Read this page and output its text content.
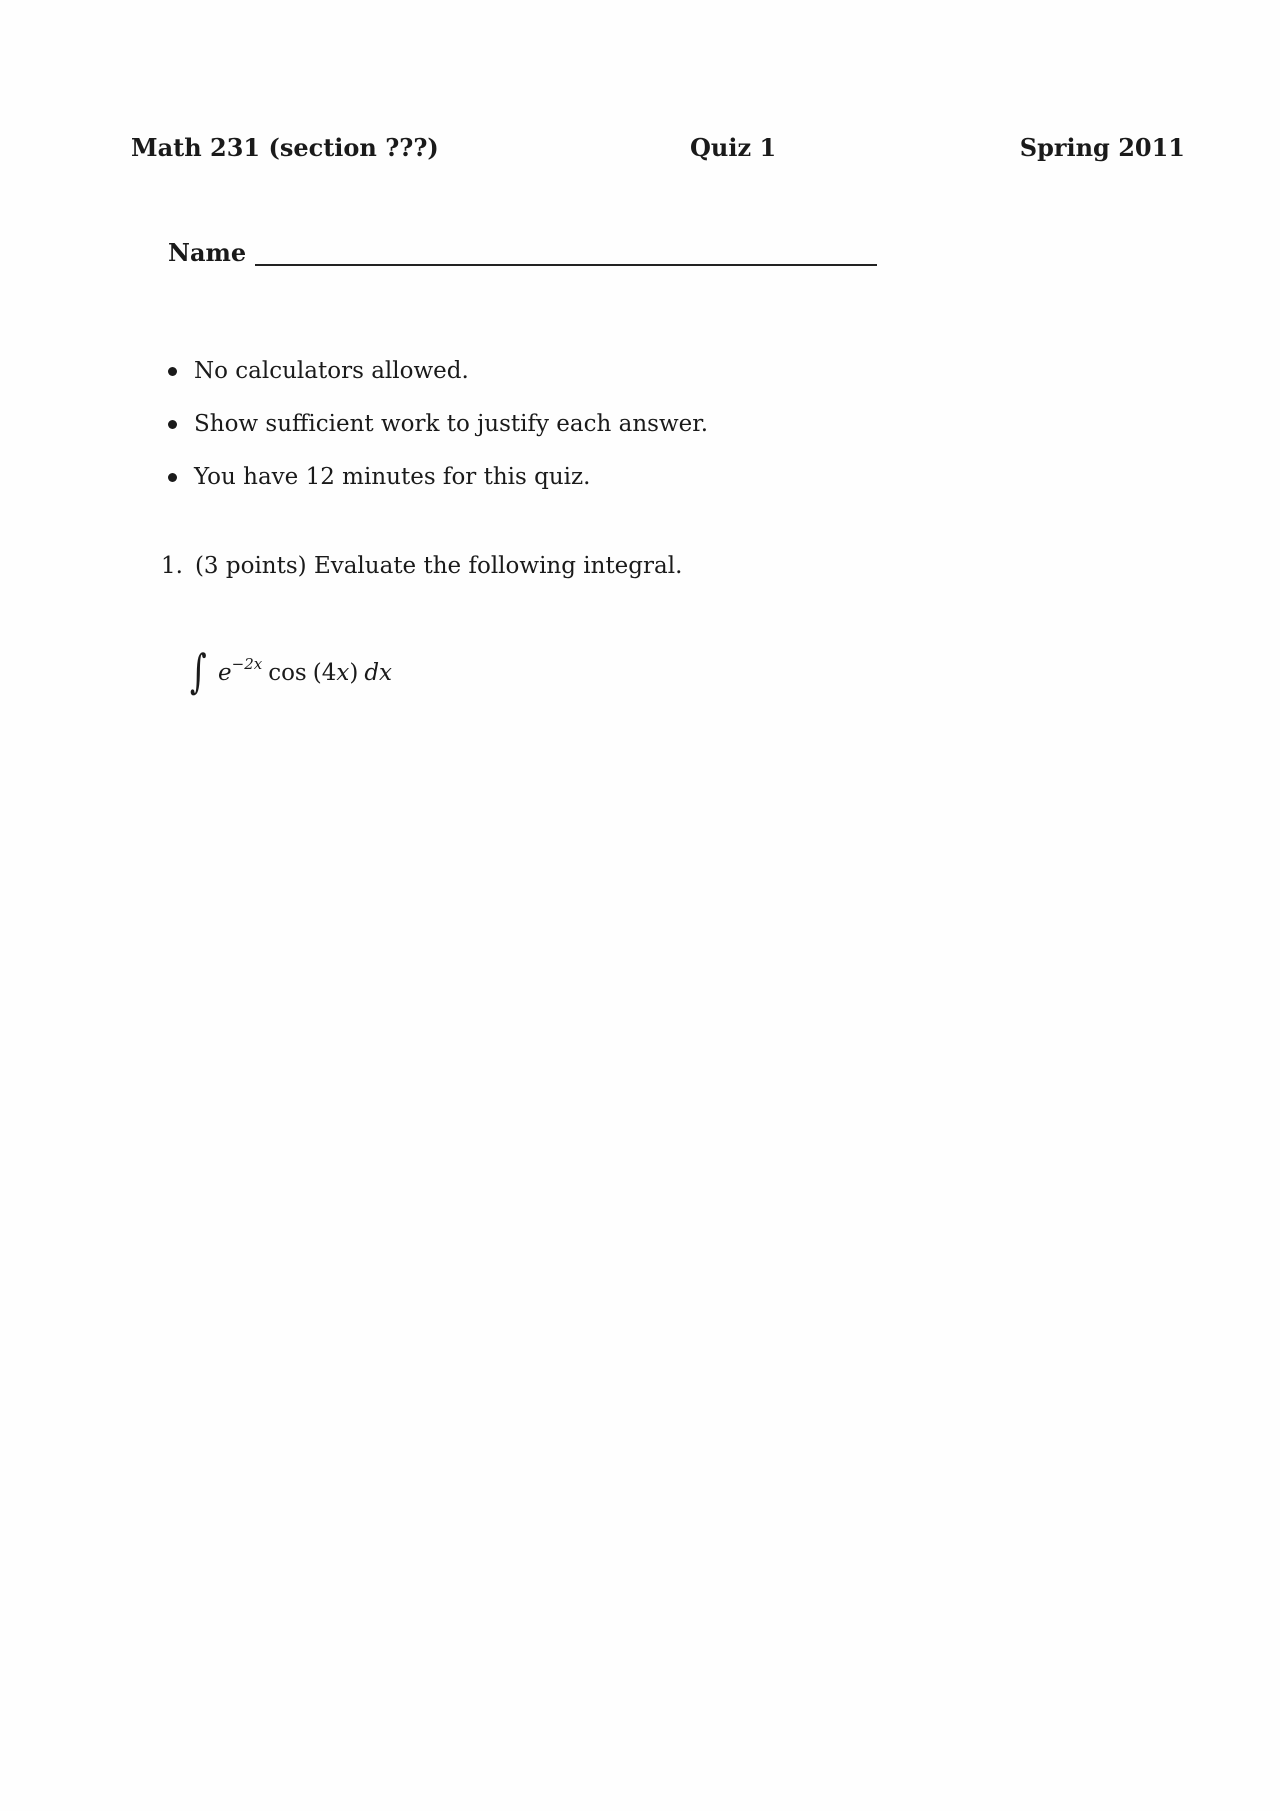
Math 231 (section ???)	Quiz 1	Spring 2011
Name
No calculators allowed.
Show sufficient work to justify each answer.
You have 12 minutes for this quiz.
1. (3 points) Evaluate the following integral.
∫ $e^{-2x}$ cos (4x) dx
